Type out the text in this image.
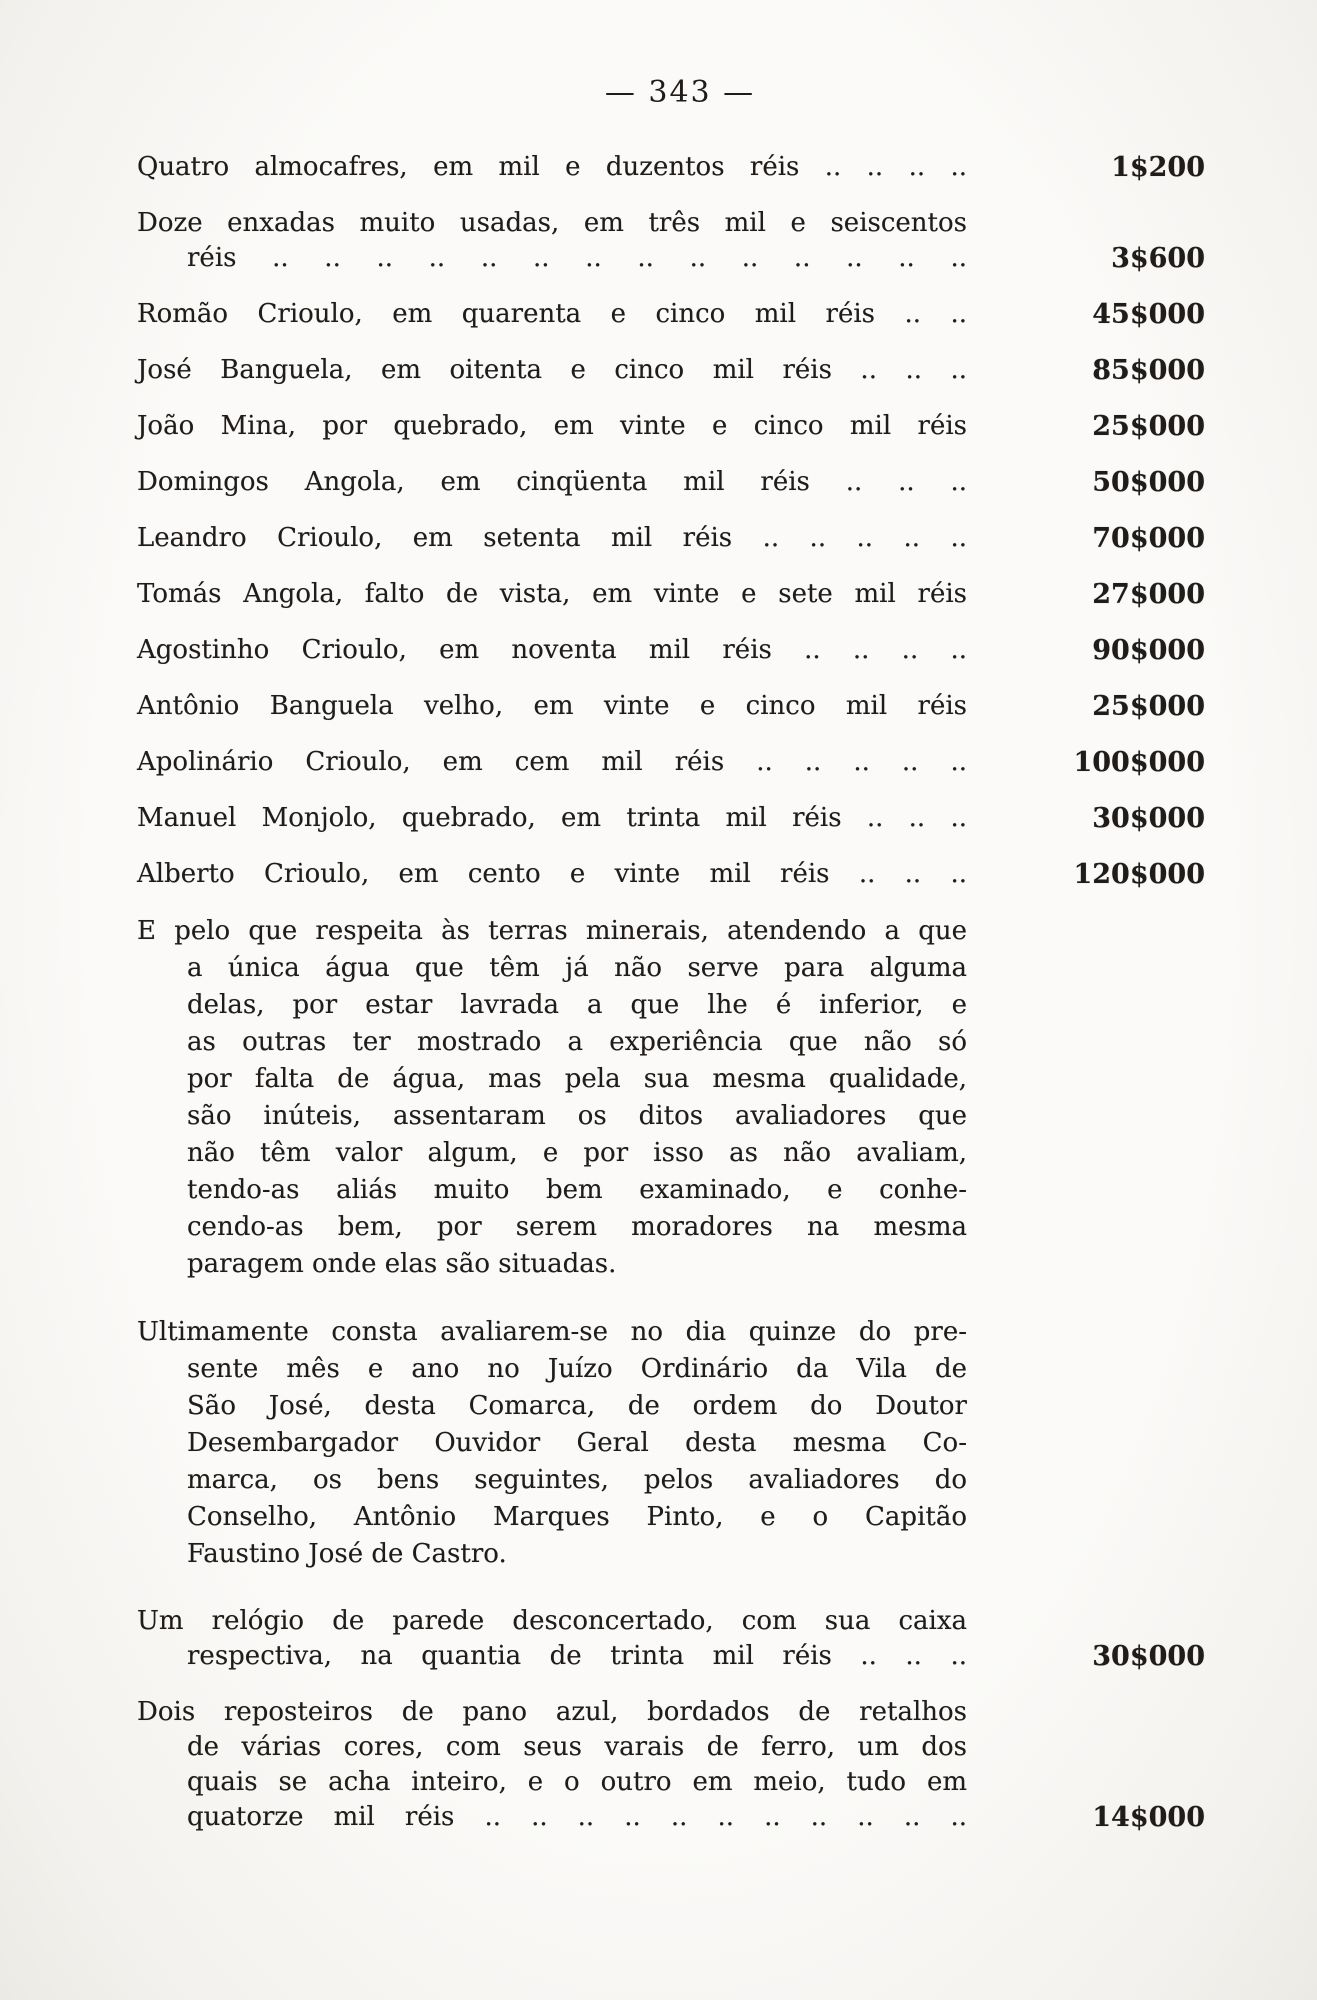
— 343 —
Quatro almocafres, em mil e duzentos réis .. .. .. ..	1$200
Doze enxadas muito usadas, em três mil e seiscentos
réis .. .. .. .. .. .. .. .. .. .. .. .. .. ..	3$600
Romão Crioulo, em quarenta e cinco mil réis .. ..	45$000
José Banguela, em oitenta e cinco mil réis .. .. ..	85$000
João Mina, por quebrado, em vinte e cinco mil réis	25$000
Domingos Angola, em cinqüenta mil réis .. .. ..	50$000
Leandro Crioulo, em setenta mil réis .. .. .. .. ..	70$000
Tomás Angola, falto de vista, em vinte e sete mil réis	27$000
Agostinho Crioulo, em noventa mil réis .. .. .. ..	90$000
Antônio Banguela velho, em vinte e cinco mil réis	25$000
Apolinário Crioulo, em cem mil réis .. .. .. .. ..	100$000
Manuel Monjolo, quebrado, em trinta mil réis .. .. ..	30$000
Alberto Crioulo, em cento e vinte mil réis .. .. ..	120$000
E pelo que respeita às terras minerais, atendendo a que
a única água que têm já não serve para alguma
delas, por estar lavrada a que lhe é inferior, e
as outras ter mostrado a experiência que não só
por falta de água, mas pela sua mesma qualidade,
são inúteis, assentaram os ditos avaliadores que
não têm valor algum, e por isso as não avaliam,
tendo-as aliás muito bem examinado, e conhe-
cendo-as bem, por serem moradores na mesma
paragem onde elas são situadas.
Ultimamente consta avaliarem-se no dia quinze do pre-
sente mês e ano no Juízo Ordinário da Vila de
São José, desta Comarca, de ordem do Doutor
Desembargador Ouvidor Geral desta mesma Co-
marca, os bens seguintes, pelos avaliadores do
Conselho, Antônio Marques Pinto, e o Capitão
Faustino José de Castro.
Um relógio de parede desconcertado, com sua caixa
respectiva, na quantia de trinta mil réis .. .. ..	30$000
Dois reposteiros de pano azul, bordados de retalhos
de várias cores, com seus varais de ferro, um dos
quais se acha inteiro, e o outro em meio, tudo em
quatorze mil réis .. .. .. .. .. .. .. .. .. .. ..	14$000
